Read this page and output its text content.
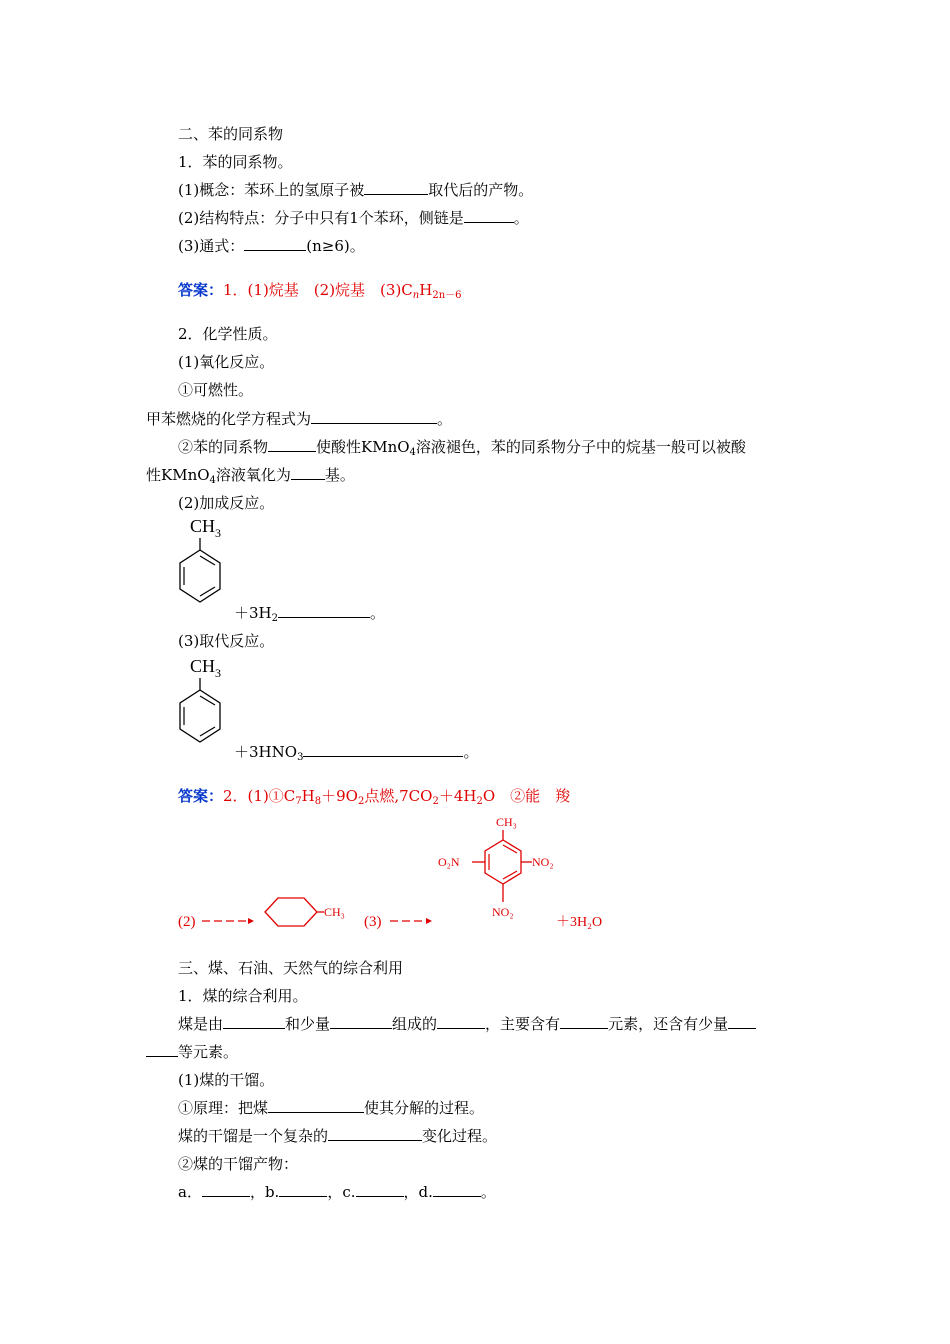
二、苯的同系物
1．苯的同系物。
(1)概念：苯环上的氢原子被	取代后的产物。
(2)结构特点：分子中只有1个苯环，侧链是	。
(3)通式：	(n≥6)。
答案：1．(1)烷基　(2)烷基　$(3)C_nH_{2n-6}$
2．化学性质。
(1)氧化反应。
①可燃性。
甲苯燃烧的化学方程式为	。
②苯的同系物	使酸性KMnO$_4$溶液褪色，苯的同系物分子中的烷基一般可以被酸
性KMnO$_4$溶液氧化为 基。
(2)加成反应。
$CH_3$
$+3H_2$	。
(3)取代反应。
$CH_3$
$+3HNO_3$	。
答案：2．$(1)①C_7H_8+9O_2$点燃$,7CO_2+4H_2O$　②能　羧
(2)
CH₃
(3)
CH₃
O₂N	NO₂
NO₂
＋3H₂O
三、煤、石油、天然气的综合利用
1．煤的综合利用。
煤是由	和少量	组成的	，主要含有	元素，还含有少量
等元素。
(1)煤的干馏。
①原理：把煤	使其分解的过程。
煤的干馏是一个复杂的	变化过程。
②煤的干馏产物：
a．	，b.	，c.	，d.	。
